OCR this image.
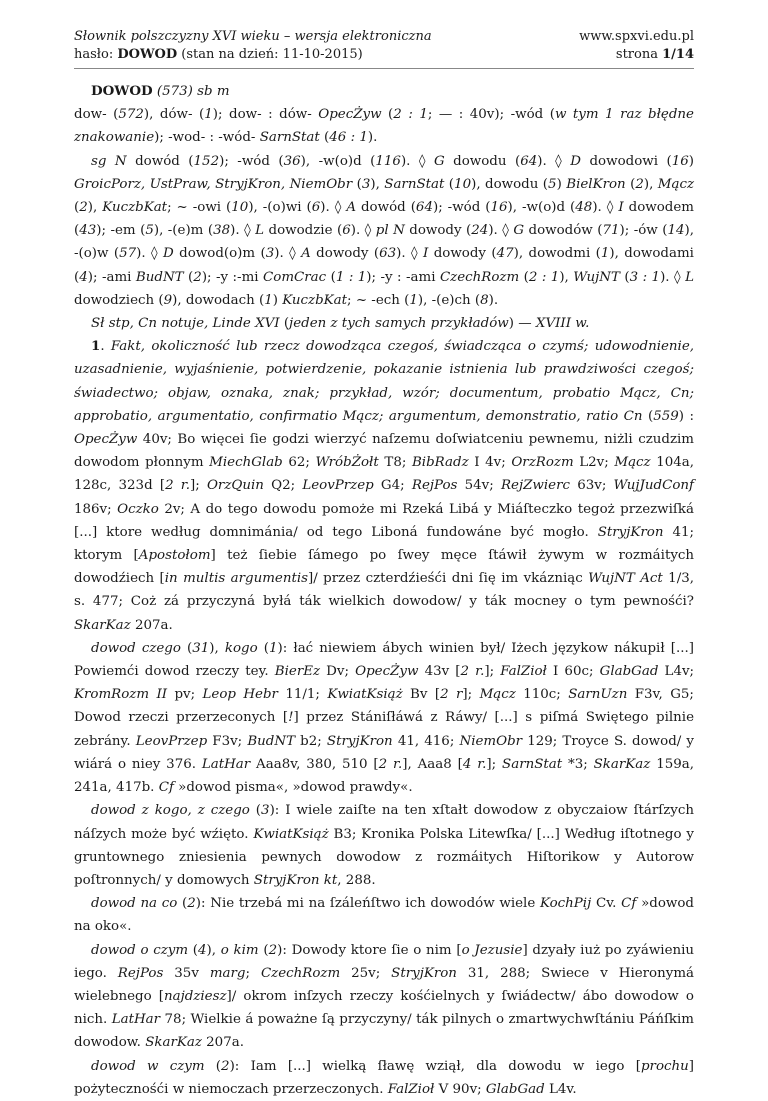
Słownik polszczyzny XVI wieku – wersja elektroniczna
hasło: DOWOD (stan na dzień: 11-10-2015)
www.spxvi.edu.pl
strona 1/14

DOWOD (573) sb m

dow- (572), dów- (1); dow- : dów- OpecŻyw (2 : 1; — : 40v); -wód (w tym 1 raz błędne znakowanie); -wod- : -wód- SarnStat (46 : 1).

sg N dowód (152); -wód (36), -w(o)d (116). ◊ G dowodu (64). ◊ D dowodowi (16) GroicPorz, UstPraw, StryjKron, NiemObr (3), SarnStat (10), dowodu (5) BielKron (2), Mącz (2), KuczbKat; ~ -owi (10), -(o)wi (6). ◊ A dowód (64); -wód (16), -w(o)d (48). ◊ I dowodem (43); -em (5), -(e)m (38). ◊ L dowodzie (6). ◊ pl N dowody (24). ◊ G dowodów (71); -ów (14), -(o)w (57). ◊ D dowod(o)m (3). ◊ A dowody (63). ◊ I dowody (47), dowodmi (1), dowodami (4); -ami BudNT (2); -y :-mi ComCrac (1 : 1); -y : -ami CzechRozm (2 : 1), WujNT (3 : 1). ◊ L dowodziech (9), dowodach (1) KuczbKat; ~ -ech (1), -(e)ch (8).

Sł stp, Cn notuje, Linde XVI (jeden z tych samych przykładów) — XVIII w.

1. Fakt, okoliczność lub rzecz dowodząca czegoś, świadcząca o czymś; udowodnienie, uzasadnienie, wyjaśnienie, potwierdzenie, pokazanie istnienia lub prawdziwości czegoś; świadectwo; objaw, oznaka, znak; przykład, wzór; documentum, probatio Mącz, Cn; approbatio, argumentatio, confirmatio Mącz; argumentum, demonstratio, ratio Cn (559) : OpecŻyw 40v; Bo więcei ſie godzi wierzyć naſzemu doſwiatceniu pewnemu, niżli czudzim dowodom płonnym MiechGlab 62; WróbŻołt T8; BibRadz I 4v; OrzRozm L2v; Mącz 104a, 128c, 323d [2 r.]; OrzQuin Q2; LeovPrzep G4; RejPos 54v; RejZwierc 63v; WujJudConf 186v; Oczko 2v; A do tego dowodu pomoże mi Rzeká Libá y Miáſteczko tegoż przezwiſká [...] ktore według domnimánia/ od tego Liboná fundowáne być mogło. StryjKron 41; ktorym [Apostołom] też ſiebie ſámego po ſwey męce ſtáwił żywym w rozmáitych dowodźiech [in multis argumentis]/ przez czterdźieśći dni ſię im vkázniąc WujNT Act 1/3, s. 477; Coż zá przyczyná byłá ták wielkich dowodow/ y ták mocney o tym pewnośći? SkarKaz 207a.

dowod czego (31), kogo (1): łać niewiem ábych winien był/ Iżech językow nákupił [...] Powiemći dowod rzeczy tey. BierEz Dv; OpecŻyw 43v [2 r.]; FalZioł I 60c; GlabGad L4v; KromRozm II pv; Leop Hebr 11/1; KwiatKsiąż Bv [2 r]; Mącz 110c; SarnUzn F3v, G5; Dowod rzeczi przerzeconych [!] przez Stániſłáwá z Ráwy/ [...] s piſmá Swiętego pilnie zebrány. LeovPrzep F3v; BudNT b2; StryjKron 41, 416; NiemObr 129; Troyce S. dowod/ y wiárá o niey 376. LatHar Aaa8v, 380, 510 [2 r.], Aaa8 [4 r.]; SarnStat *3; SkarKaz 159a, 241a, 417b. Cf »dowod pisma«, »dowod prawdy«.

dowod z kogo, z czego (3): I wiele zaiſte na ten xſtałt dowodow z obyczaiow ſtárſzych náſzych może być wźięto. KwiatKsiąż B3; Kronika Polska Litewſka/ [...] Według iſtotnego y gruntownego zniesienia pewnych dowodow z rozmáitych Hiſtorikow y Autorow poſtronnych/ y domowych StryjKron kt, 288.

dowod na co (2): Nie trzebá mi na ſzáleńſtwo ich dowodów wiele KochPij Cv. Cf »dowod na oko«.

dowod o czym (4), o kim (2): Dowody ktore ſie o nim [o Jezusie] dzyały iuż po zyáwieniu iego. RejPos 35v marg; CzechRozm 25v; StryjKron 31, 288; Swiece v Hieronymá wielebnego [najdziesz]/ okrom inſzych rzeczy kośćielnych y ſwiádectw/ ábo dowodow o nich. LatHar 78; Wielkie á poważne ſą przyczyny/ ták pilnych o zmartwychwſtániu Páńſkim dowodow. SkarKaz 207a.

dowod w czym (2): Iam [...] wielką ſławę wziął, dla dowodu w iego [prochu] pożytecznośći w niemoczach przerzeczonych. FalZioł V 90v; GlabGad L4v.
